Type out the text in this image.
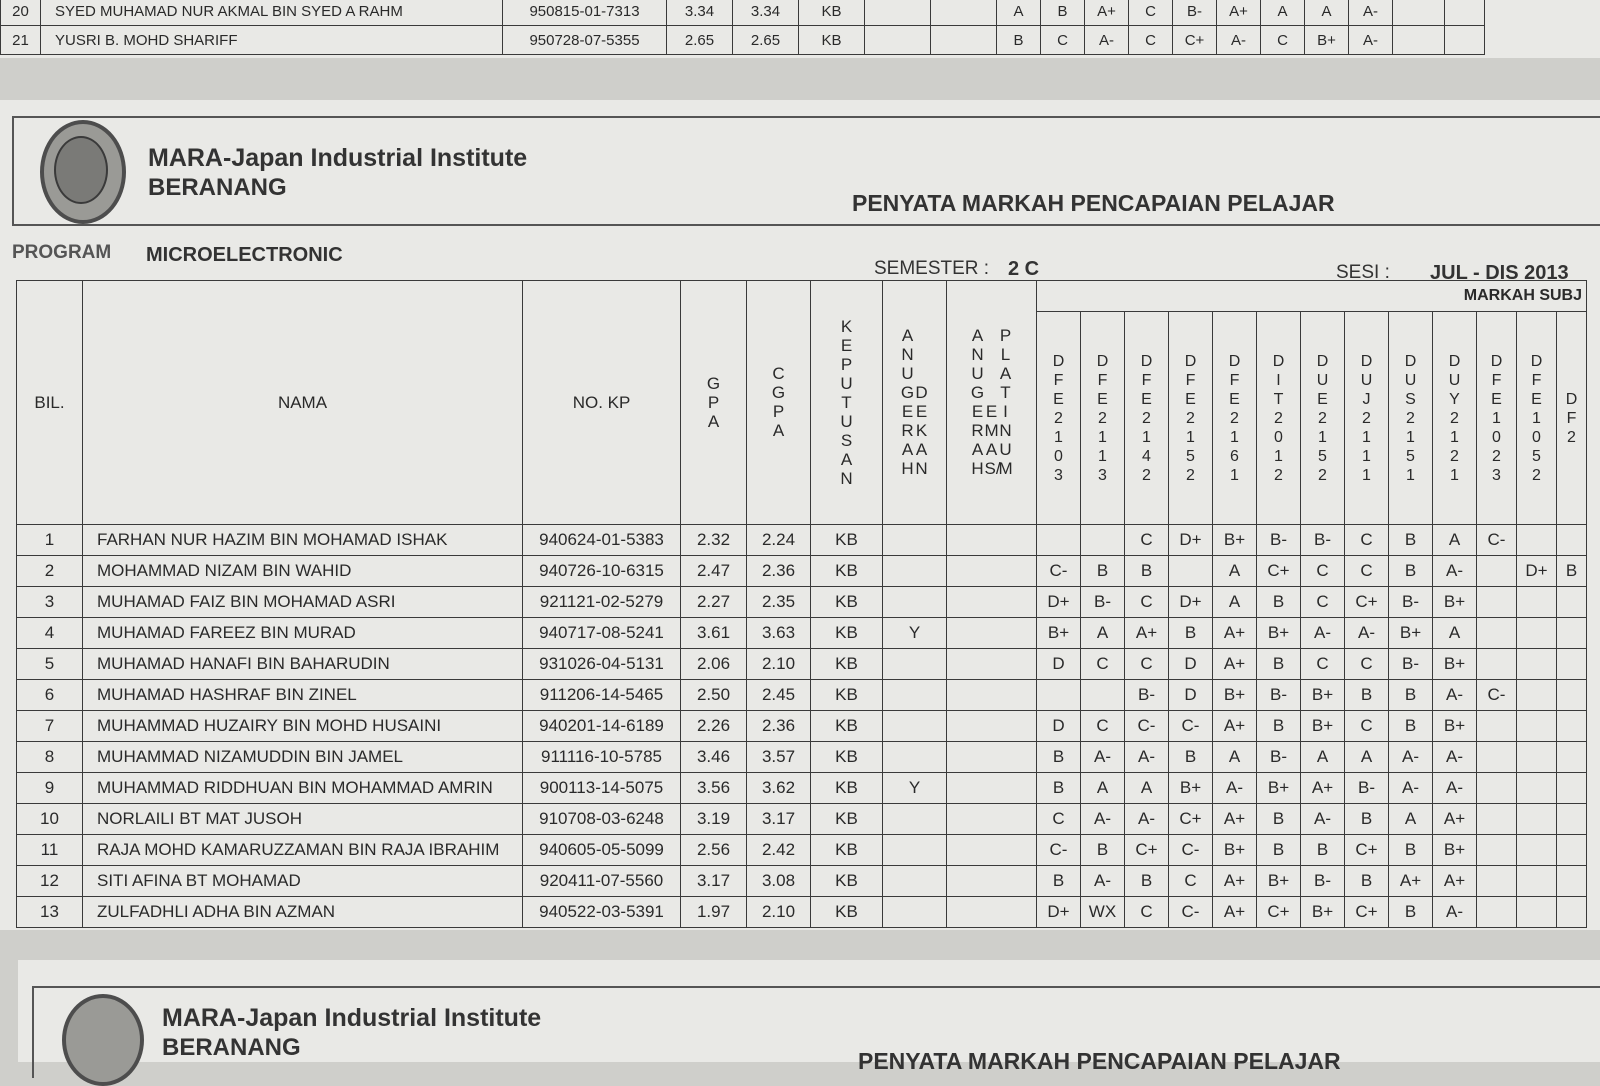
20	SYED MUHAMAD NUR AKMAL BIN SYED A RAHM	950815-01-7313	3.34	3.34	KB			A	B	A+	C	B-	A+	A	A	A-		
21	YUSRI B. MOHD SHARIFF	950728-07-5355	2.65	2.65	KB			B	C	A-	C	C+	A-	C	B+	A-		
MARA-Japan Industrial Institute
BERANANG
PENYATA MARKAH PENCAPAIAN PELAJAR
PROGRAM MICROELECTRONIC
SEMESTER : 2 C	SESI : JUL - DIS 2013
BIL.	NAMA	NO. KP	GPA	CGPA	KEPUTUSAN	ANUGERAHDEKAN	ANUGERAHEMAS/PLATINUM	MARKAH SUBJ												
								DFE2103	DFE2113	DFE2142	DFE2152	DFE2161	DIT2012	DUE2152	DUJ2111	DUS2151	DUY2121	DFE1023	DFE1052	DF2
1	FARHAN NUR HAZIM BIN MOHAMAD ISHAK	940624-01-5383	2.32	2.24	KB					C	D+	B+	B-	B-	C	B	A	C-		
2	MOHAMMAD NIZAM BIN WAHID	940726-10-6315	2.47	2.36	KB			C-	B	B		A	C+	C	C	B	A-		D+	B
3	MUHAMAD FAIZ BIN MOHAMAD ASRI	921121-02-5279	2.27	2.35	KB			D+	B-	C	D+	A	B	C	C+	B-	B+			
4	MUHAMAD FAREEZ BIN MURAD	940717-08-5241	3.61	3.63	KB	Y		B+	A	A+	B	A+	B+	A-	A-	B+	A			
5	MUHAMAD HANAFI BIN BAHARUDIN	931026-04-5131	2.06	2.10	KB			D	C	C	D	A+	B	C	C	B-	B+			
6	MUHAMAD HASHRAF BIN ZINEL	911206-14-5465	2.50	2.45	KB					B-	D	B+	B-	B+	B	B	A-	C-		
7	MUHAMMAD HUZAIRY BIN MOHD HUSAINI	940201-14-6189	2.26	2.36	KB			D	C	C-	C-	A+	B	B+	C	B	B+			
8	MUHAMMAD NIZAMUDDIN BIN JAMEL	911116-10-5785	3.46	3.57	KB			B	A-	A-	B	A	B-	A	A	A-	A-			
9	MUHAMMAD RIDDHUAN BIN MOHAMMAD AMRIN	900113-14-5075	3.56	3.62	KB	Y		B	A	A	B+	A-	B+	A+	B-	A-	A-			
10	NORLAILI BT MAT JUSOH	910708-03-6248	3.19	3.17	KB			C	A-	A-	C+	A+	B	A-	B	A	A+			
11	RAJA MOHD KAMARUZZAMAN BIN RAJA IBRAHIM	940605-05-5099	2.56	2.42	KB			C-	B	C+	C-	B+	B	B	C+	B	B+			
12	SITI AFINA BT MOHAMAD	920411-07-5560	3.17	3.08	KB			B	A-	B	C	A+	B+	B-	B	A+	A+			
13	ZULFADHLI ADHA BIN AZMAN	940522-03-5391	1.97	2.10	KB			D+	WX	C	C-	A+	C+	B+	C+	B	A-			
MARA-Japan Industrial Institute
BERANANG	PENYATA MARKAH PENCAPAIAN PELAJAR
